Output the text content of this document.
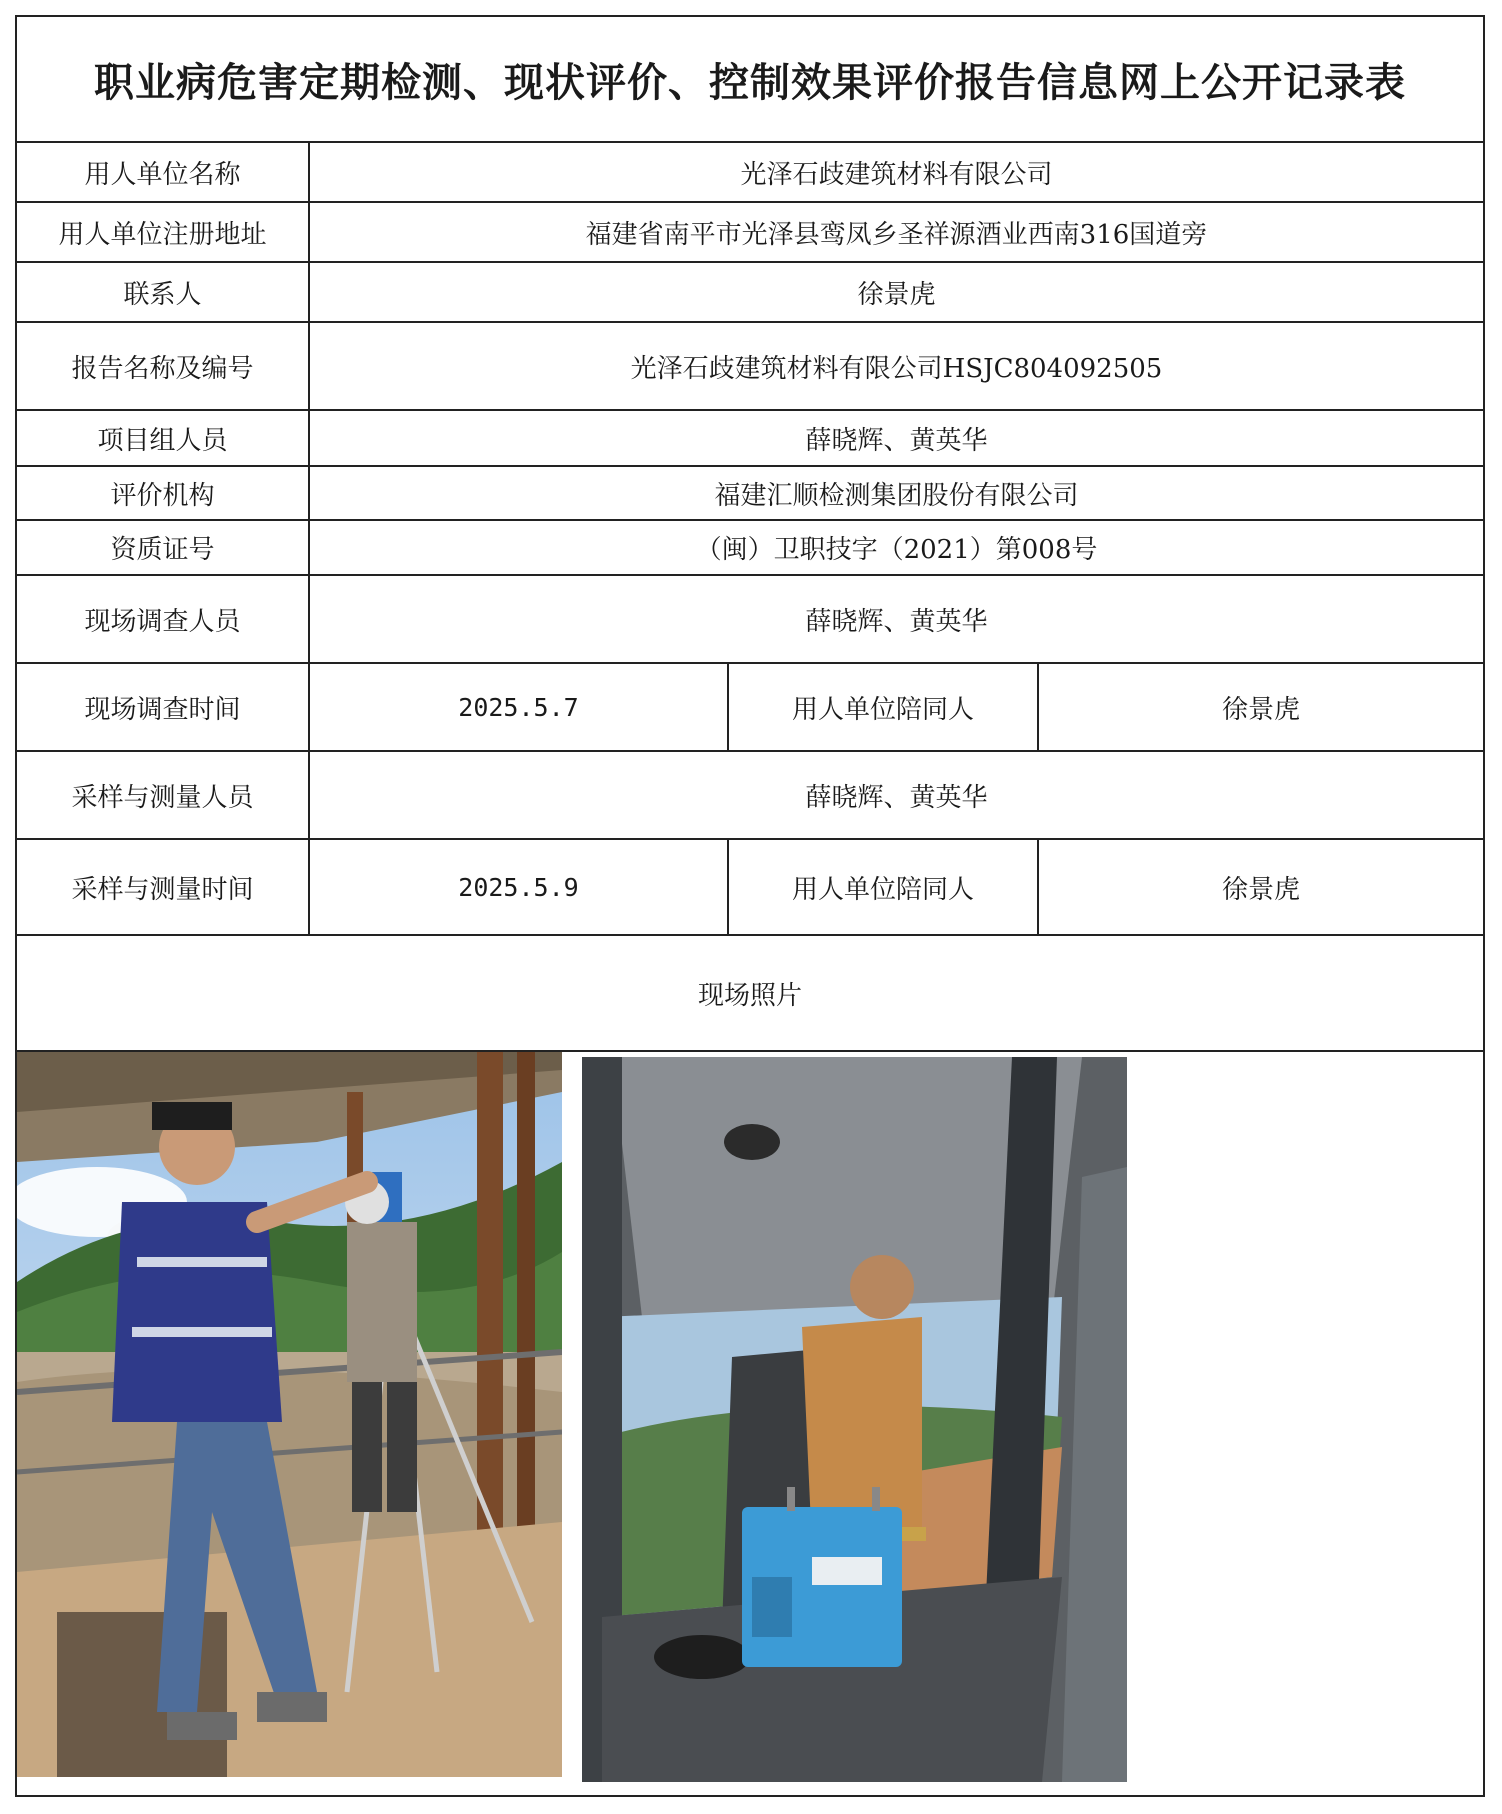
职业病危害定期检测、现状评价、控制效果评价报告信息网上公开记录表
用人单位名称	光泽石歧建筑材料有限公司
用人单位注册地址	福建省南平市光泽县鸾凤乡圣祥源酒业西南316国道旁
联系人	徐景虎
报告名称及编号	光泽石歧建筑材料有限公司HSJC804092505
项目组人员	薛晓辉、黄英华
评价机构	福建汇顺检测集团股份有限公司
资质证号	（闽）卫职技字（2021）第008号
现场调查人员	薛晓辉、黄英华
现场调查时间	2025.5.7	用人单位陪同人	徐景虎
采样与测量人员	薛晓辉、黄英华
采样与测量时间	2025.5.9	用人单位陪同人	徐景虎
现场照片
